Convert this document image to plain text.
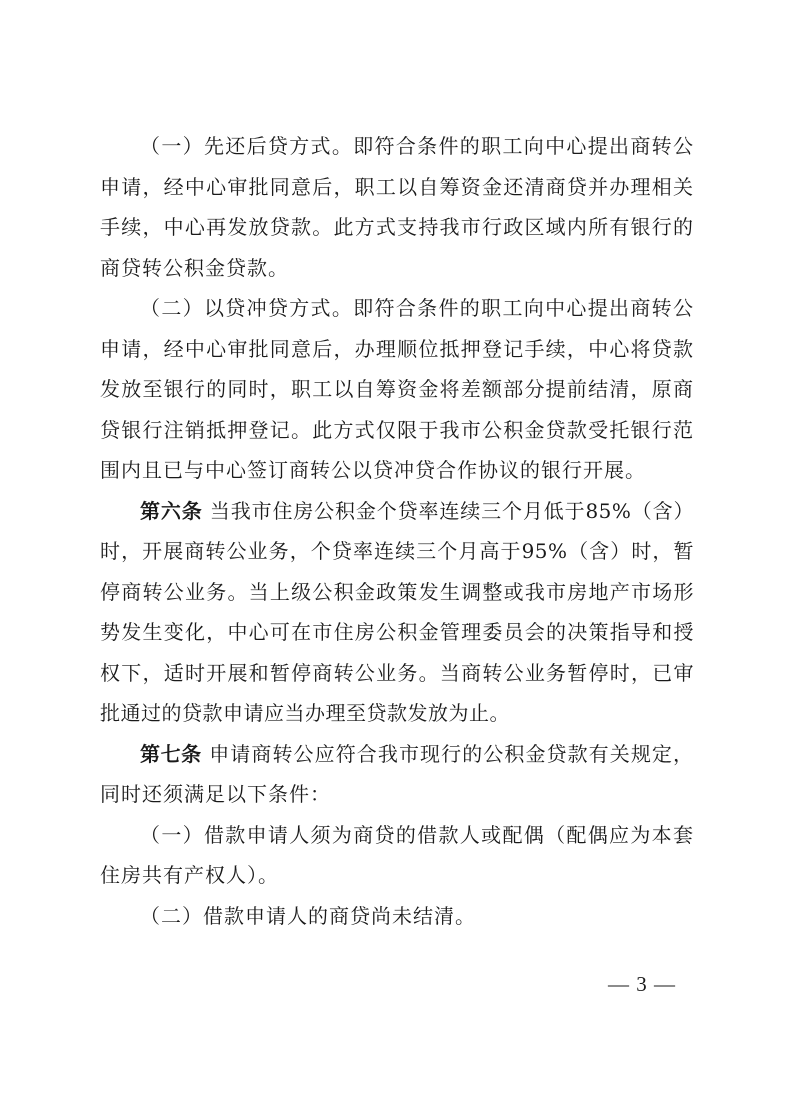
（一）先还后贷方式。即符合条件的职工向中心提出商转公申请，经中心审批同意后，职工以自筹资金还清商贷并办理相关手续，中心再发放贷款。此方式支持我市行政区域内所有银行的商贷转公积金贷款。

（二）以贷冲贷方式。即符合条件的职工向中心提出商转公申请，经中心审批同意后，办理顺位抵押登记手续，中心将贷款发放至银行的同时，职工以自筹资金将差额部分提前结清，原商贷银行注销抵押登记。此方式仅限于我市公积金贷款受托银行范围内且已与中心签订商转公以贷冲贷合作协议的银行开展。

第六条 当我市住房公积金个贷率连续三个月低于85%（含）时，开展商转公业务，个贷率连续三个月高于95%（含）时，暂停商转公业务。当上级公积金政策发生调整或我市房地产市场形势发生变化，中心可在市住房公积金管理委员会的决策指导和授权下，适时开展和暂停商转公业务。当商转公业务暂停时，已审批通过的贷款申请应当办理至贷款发放为止。

第七条 申请商转公应符合我市现行的公积金贷款有关规定，同时还须满足以下条件：

（一）借款申请人须为商贷的借款人或配偶（配偶应为本套住房共有产权人）。

（二）借款申请人的商贷尚未结清。

— 3 —
